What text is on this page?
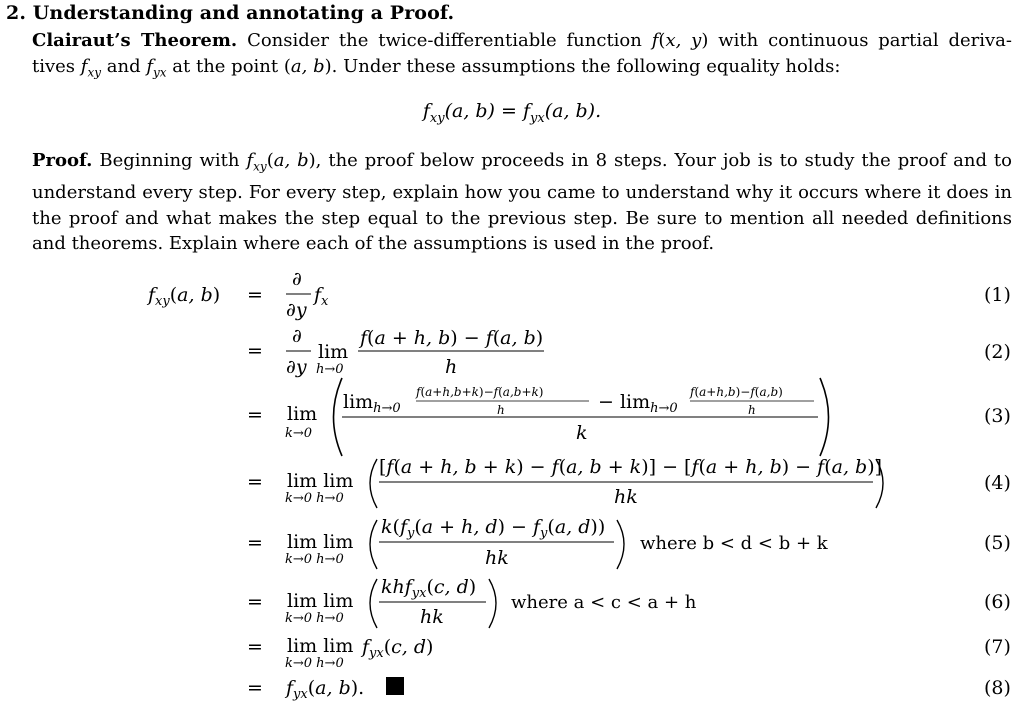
2. Understanding and annotating a Proof.
Clairaut’s Theorem. Consider the twice-differentiable function f(x, y) with continuous partial deriva- tives $f_{xy}$ and $f_{yx}$ at the point (a, b). Under these assumptions the following equality holds:
$f_{xy}(a$, $b) = f_{yx}(a$, b).
Proof. Beginning with $f_{xy}(a$, b), the proof below proceeds in 8 steps. Your job is to study the proof and to understand every step. For every step, explain how you came to understand why it occurs where it does in the proof and what makes the step equal to the previous step. Be sure to mention all needed definitions and theorems. Explain where each of the assumptions is used in the proof.
$f_{xy}(a$, b) =
∂
∂y
$f_x$	(1)
=
∂
∂y
lim
h→0
f(a + h, b) − f(a, b)
h
(2)
= lim
k→0
$\lim_{h\to 0}$
f(a+h,b+k)−f(a,b+k)
h	− $\lim_{h\to 0}$
f(a+h,b)−f(a,b)
h
k
(3)
= lim lim
k→0 h→0
[f(a + h, b + k) − f(a, b + k)] − [f(a + h, b) − f(a, b)]
hk
(4)
= lim lim
k→0 h→0
$k(f_y(a + h$, $d) - f_y(a$, d))
hk
where b < d < b + k	(5)
= lim lim
k→0 h→0
khf$_{yx}$(c, d)
hk
where a < c < a + h	(6)
= lim lim
k→0 h→0
$f_{yx}(c$, d)	(7)
= $f_{yx}(a$, b).	(8)
